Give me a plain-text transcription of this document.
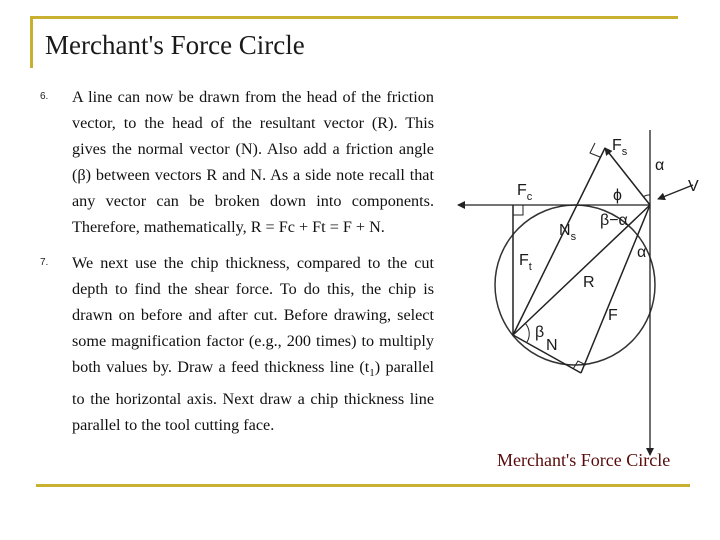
Merchant's Force Circle
6. A line can now be drawn from the head of the friction vector, to the head of the resultant vector (R). This gives the normal vector (N). Also add a friction angle (β) between vectors R and N. As a side note recall that any vector can be broken down into components. Therefore, mathematically, R = Fc + Ft = F + N.
7. We next use the chip thickness, compared to the cut depth to find the shear force. To do this, the chip is drawn on before and after cut. Before drawing, select some magnification factor (e.g., 200 times) to multiply both values by. Draw a feed thickness line $(t_1)$ parallel to the horizontal axis. Next draw a chip thickness line parallel to the tool cutting face.
$F_s$
$F_c$
$F_t$
$N_s$
α
ϕ
β−α
α
V
R
F
β
N
Merchant's Force Circle
